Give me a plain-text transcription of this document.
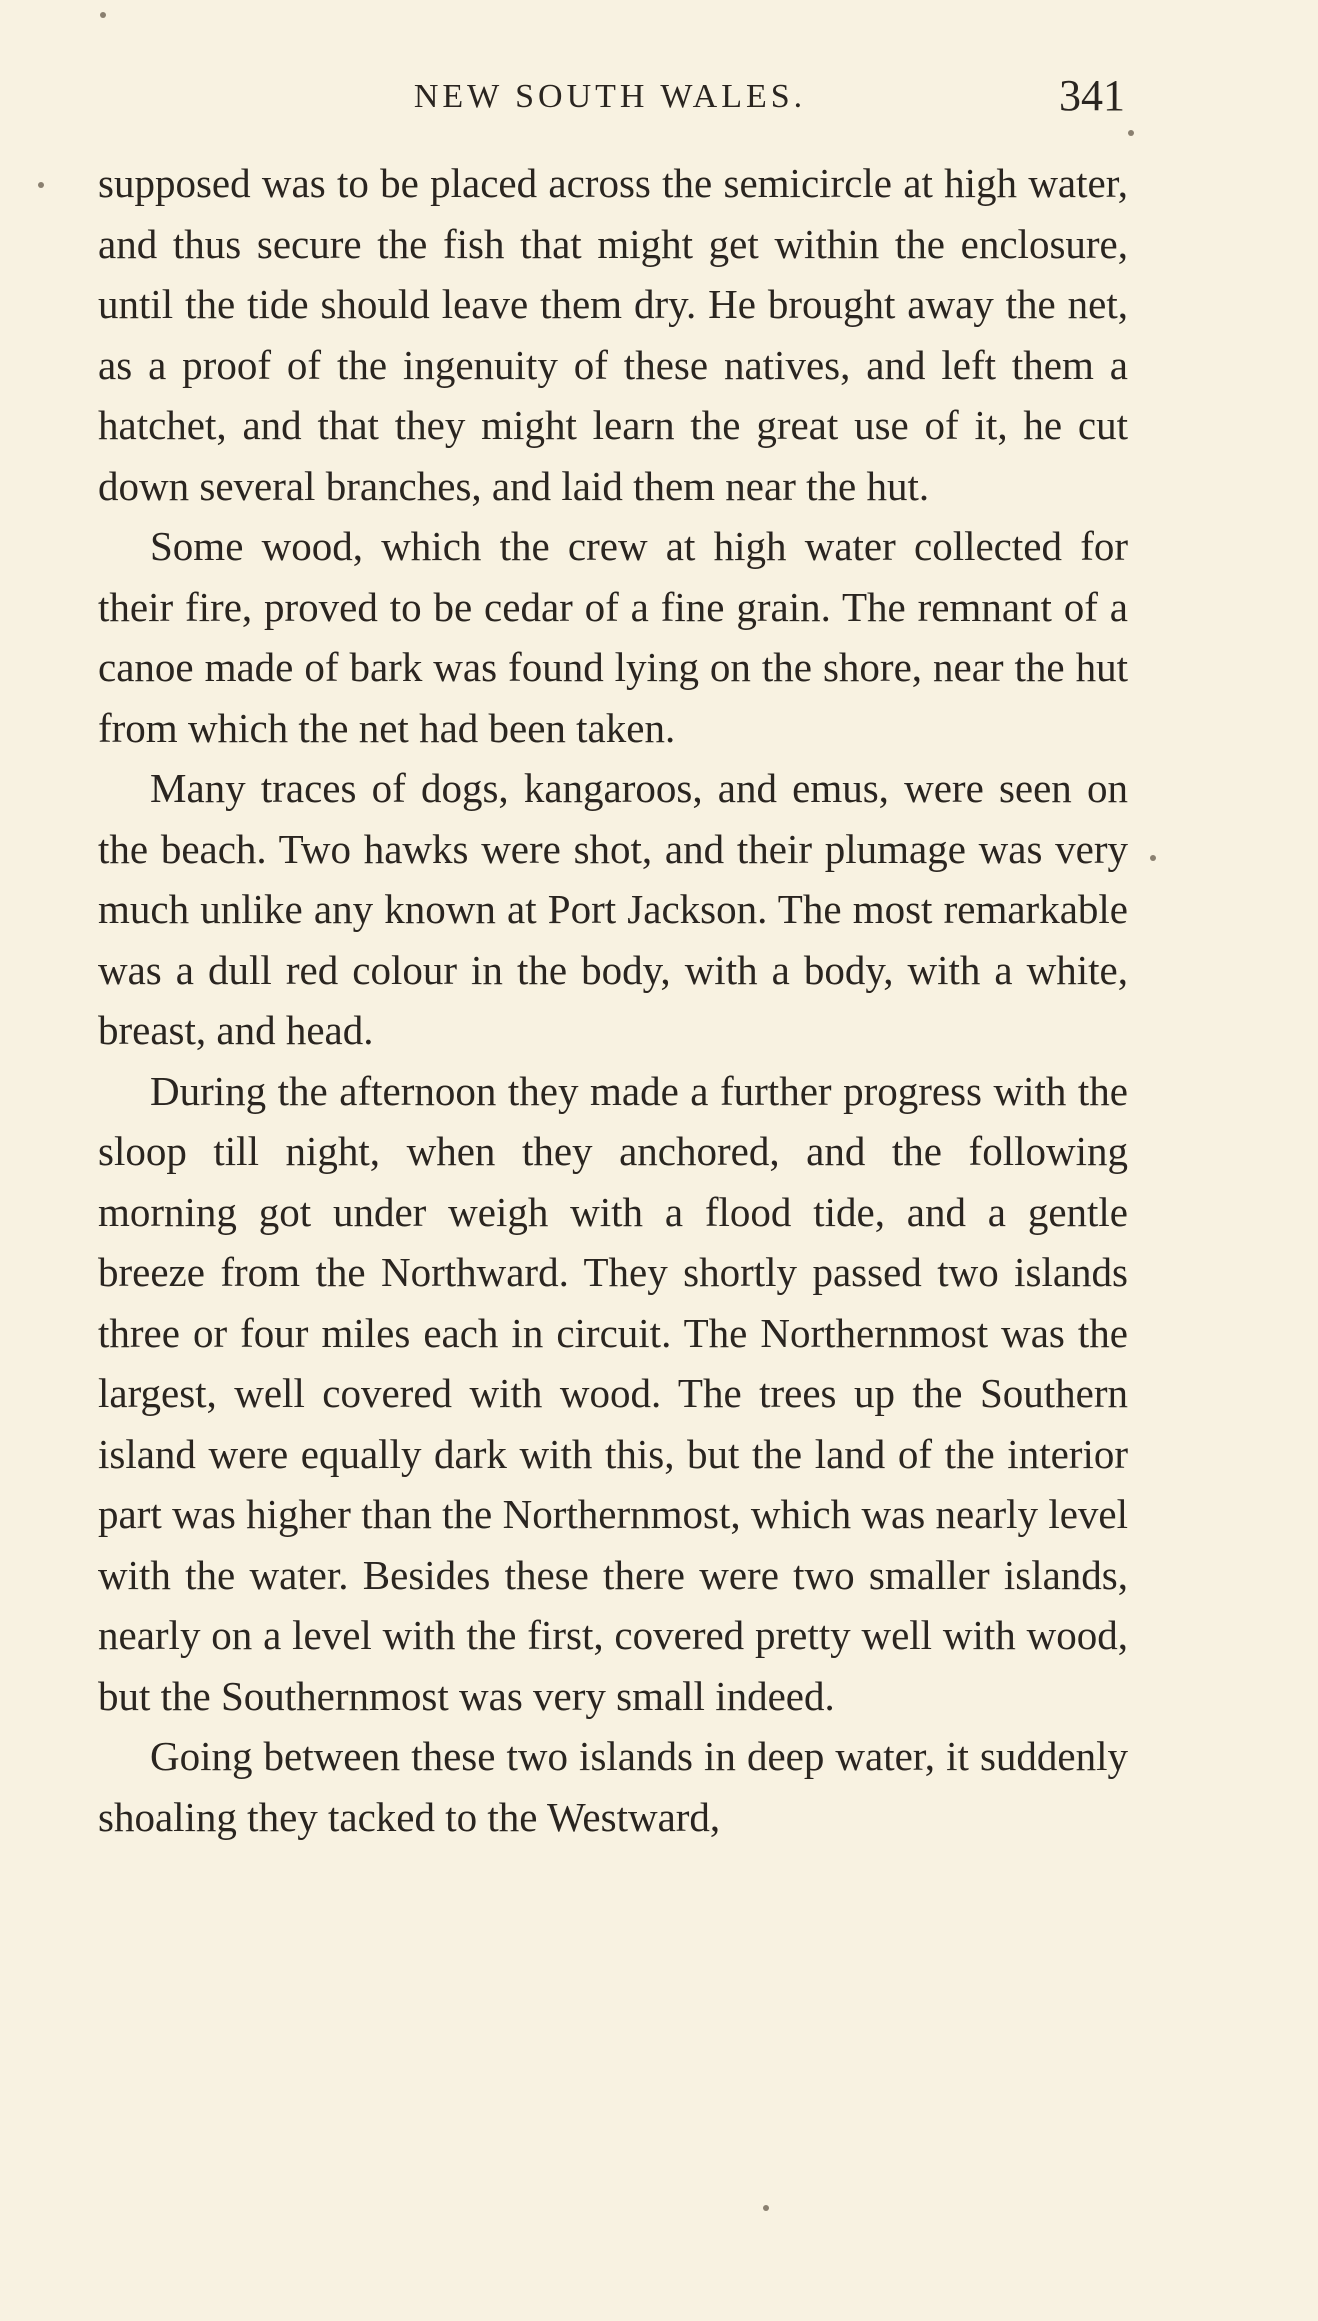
NEW SOUTH WALES.	341

supposed was to be placed across the semicircle at high water, and thus secure the fish that might get within the enclosure, until the tide should leave them dry. He brought away the net, as a proof of the ingenuity of these natives, and left them a hatchet, and that they might learn the great use of it, he cut down several branches, and laid them near the hut.

Some wood, which the crew at high water collected for their fire, proved to be cedar of a fine grain. The remnant of a canoe made of bark was found lying on the shore, near the hut from which the net had been taken.

Many traces of dogs, kangaroos, and emus, were seen on the beach. Two hawks were shot, and their plumage was very much unlike any known at Port Jackson. The most remarkable was a dull red colour in the body, with a body, with a white, breast, and head.

During the afternoon they made a further progress with the sloop till night, when they anchored, and the following morning got under weigh with a flood tide, and a gentle breeze from the Northward. They shortly passed two islands three or four miles each in circuit. The Northernmost was the largest, well covered with wood. The trees up the Southern island were equally dark with this, but the land of the interior part was higher than the Northernmost, which was nearly level with the water. Besides these there were two smaller islands, nearly on a level with the first, covered pretty well with wood, but the Southernmost was very small indeed.

Going between these two islands in deep water, it suddenly shoaling they tacked to the Westward,
